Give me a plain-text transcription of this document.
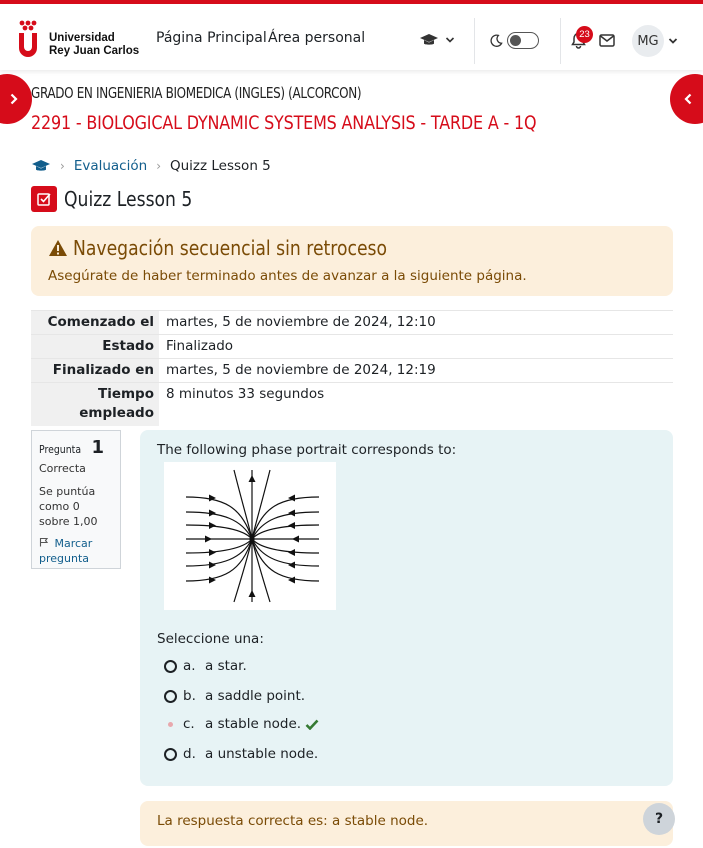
Universidad
Rey Juan Carlos
Página Principal Área personal	23	MG
GRADO EN INGENIERIA BIOMEDICA (INGLES) (ALCORCON)
2291 - BIOLOGICAL DYNAMIC SYSTEMS ANALYSIS - TARDE A - 1Q
› Evaluación › Quizz Lesson 5
Quizz Lesson 5
Navegación secuencial sin retroceso
Asegúrate de haber terminado antes de avanzar a la siguiente página.
Comenzado el	martes, 5 de noviembre de 2024, 12:10
Estado	Finalizado
Finalizado en	martes, 5 de noviembre de 2024, 12:19
Tiempo empleado	8 minutos 33 segundos
Pregunta 1
Correcta
Se puntúa como 0 sobre 1,00
Marcar pregunta
The following phase portrait corresponds to:
Seleccione una:
a. a star.
b. a saddle point.
c. a stable node.
d. a unstable node.
La respuesta correcta es: a stable node.	?
